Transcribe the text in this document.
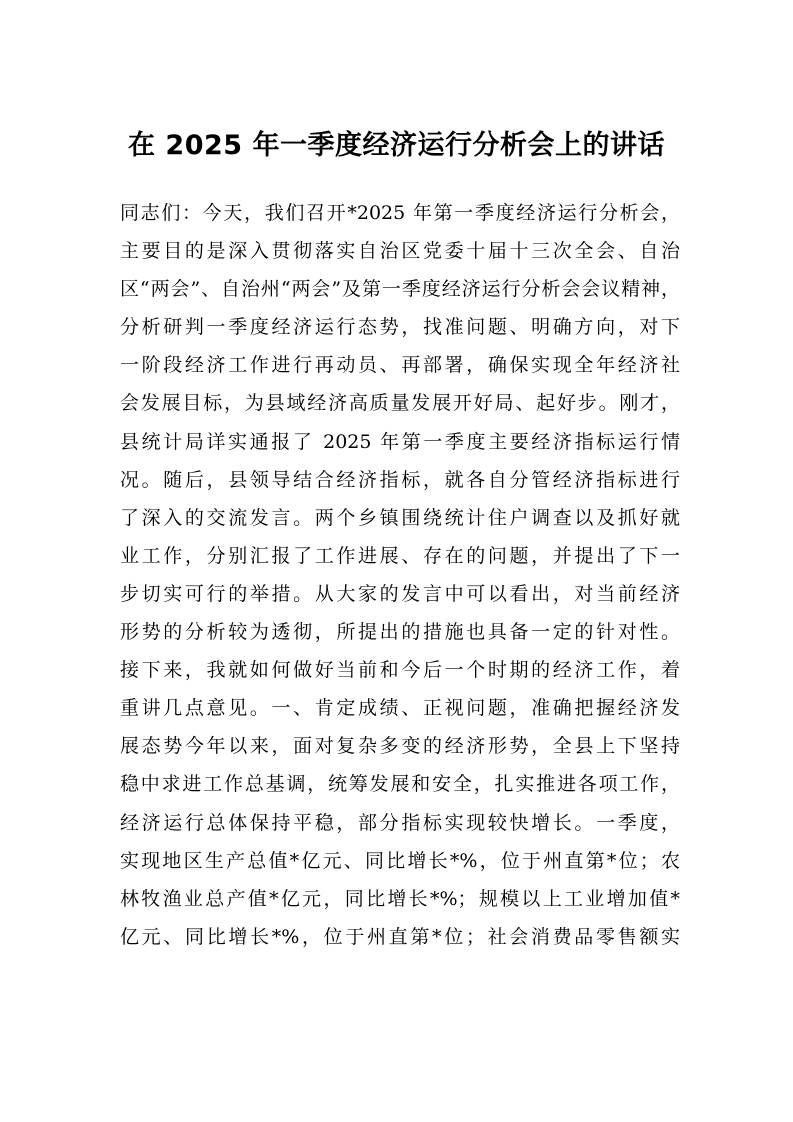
在 2025 年一季度经济运行分析会上的讲话
同志们：今天，我们召开*2025 年第一季度经济运行分析会，
主要目的是深入贯彻落实自治区党委十届十三次全会、自治
区“两会”、自治州“两会”及第一季度经济运行分析会会议精神，
分析研判一季度经济运行态势，找准问题、明确方向，对下
一阶段经济工作进行再动员、再部署，确保实现全年经济社
会发展目标，为县域经济高质量发展开好局、起好步。刚才，
县统计局详实通报了 2025 年第一季度主要经济指标运行情
况。随后，县领导结合经济指标，就各自分管经济指标进行
了深入的交流发言。两个乡镇围绕统计住户调查以及抓好就
业工作，分别汇报了工作进展、存在的问题，并提出了下一
步切实可行的举措。从大家的发言中可以看出，对当前经济
形势的分析较为透彻，所提出的措施也具备一定的针对性。
接下来，我就如何做好当前和今后一个时期的经济工作，着
重讲几点意见。一、肯定成绩、正视问题，准确把握经济发
展态势今年以来，面对复杂多变的经济形势，全县上下坚持
稳中求进工作总基调，统筹发展和安全，扎实推进各项工作，
经济运行总体保持平稳，部分指标实现较快增长。一季度，
实现地区生产总值*亿元、同比增长*%，位于州直第*位；农
林牧渔业总产值*亿元，同比增长*%；规模以上工业增加值*
亿元、同比增长*%，位于州直第*位；社会消费品零售额实
